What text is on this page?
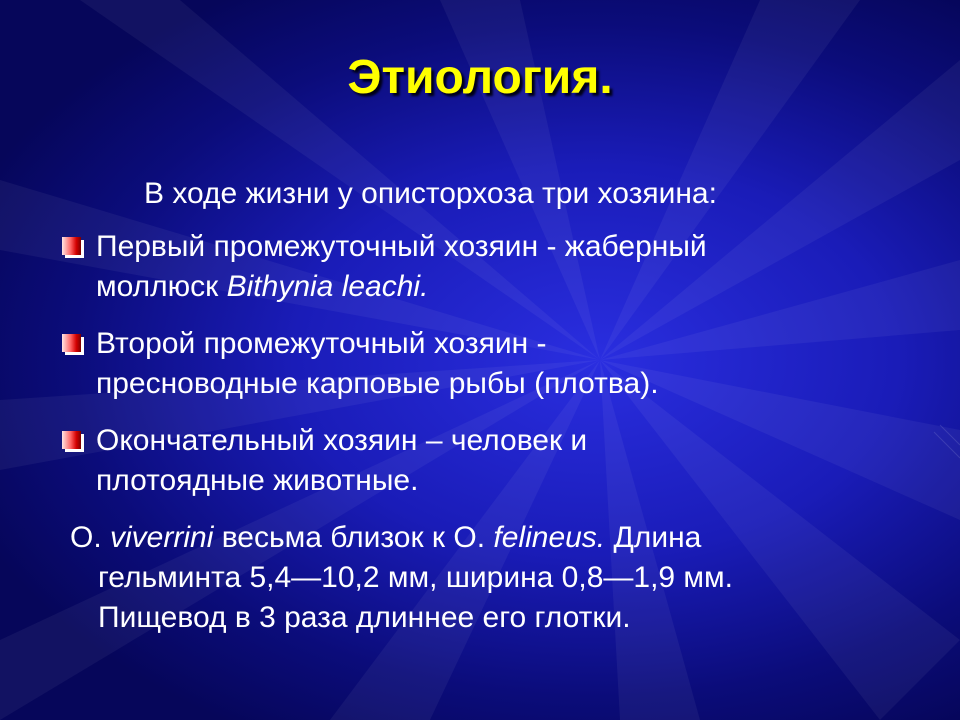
Этиология.

В ходе жизни у описторхоза три хозяина:

Первый промежуточный хозяин - жаберный
моллюск Bithynia leachi.
Второй промежуточный хозяин -
пресноводные карповые рыбы (плотва).
Окончательный хозяин – человек и
плотоядные животные.
О. viverrini весьма близок к О. felineus. Длина
гельминта 5,4—10,2 мм, ширина 0,8—1,9 мм.
Пищевод в 3 раза длиннее его глотки.
